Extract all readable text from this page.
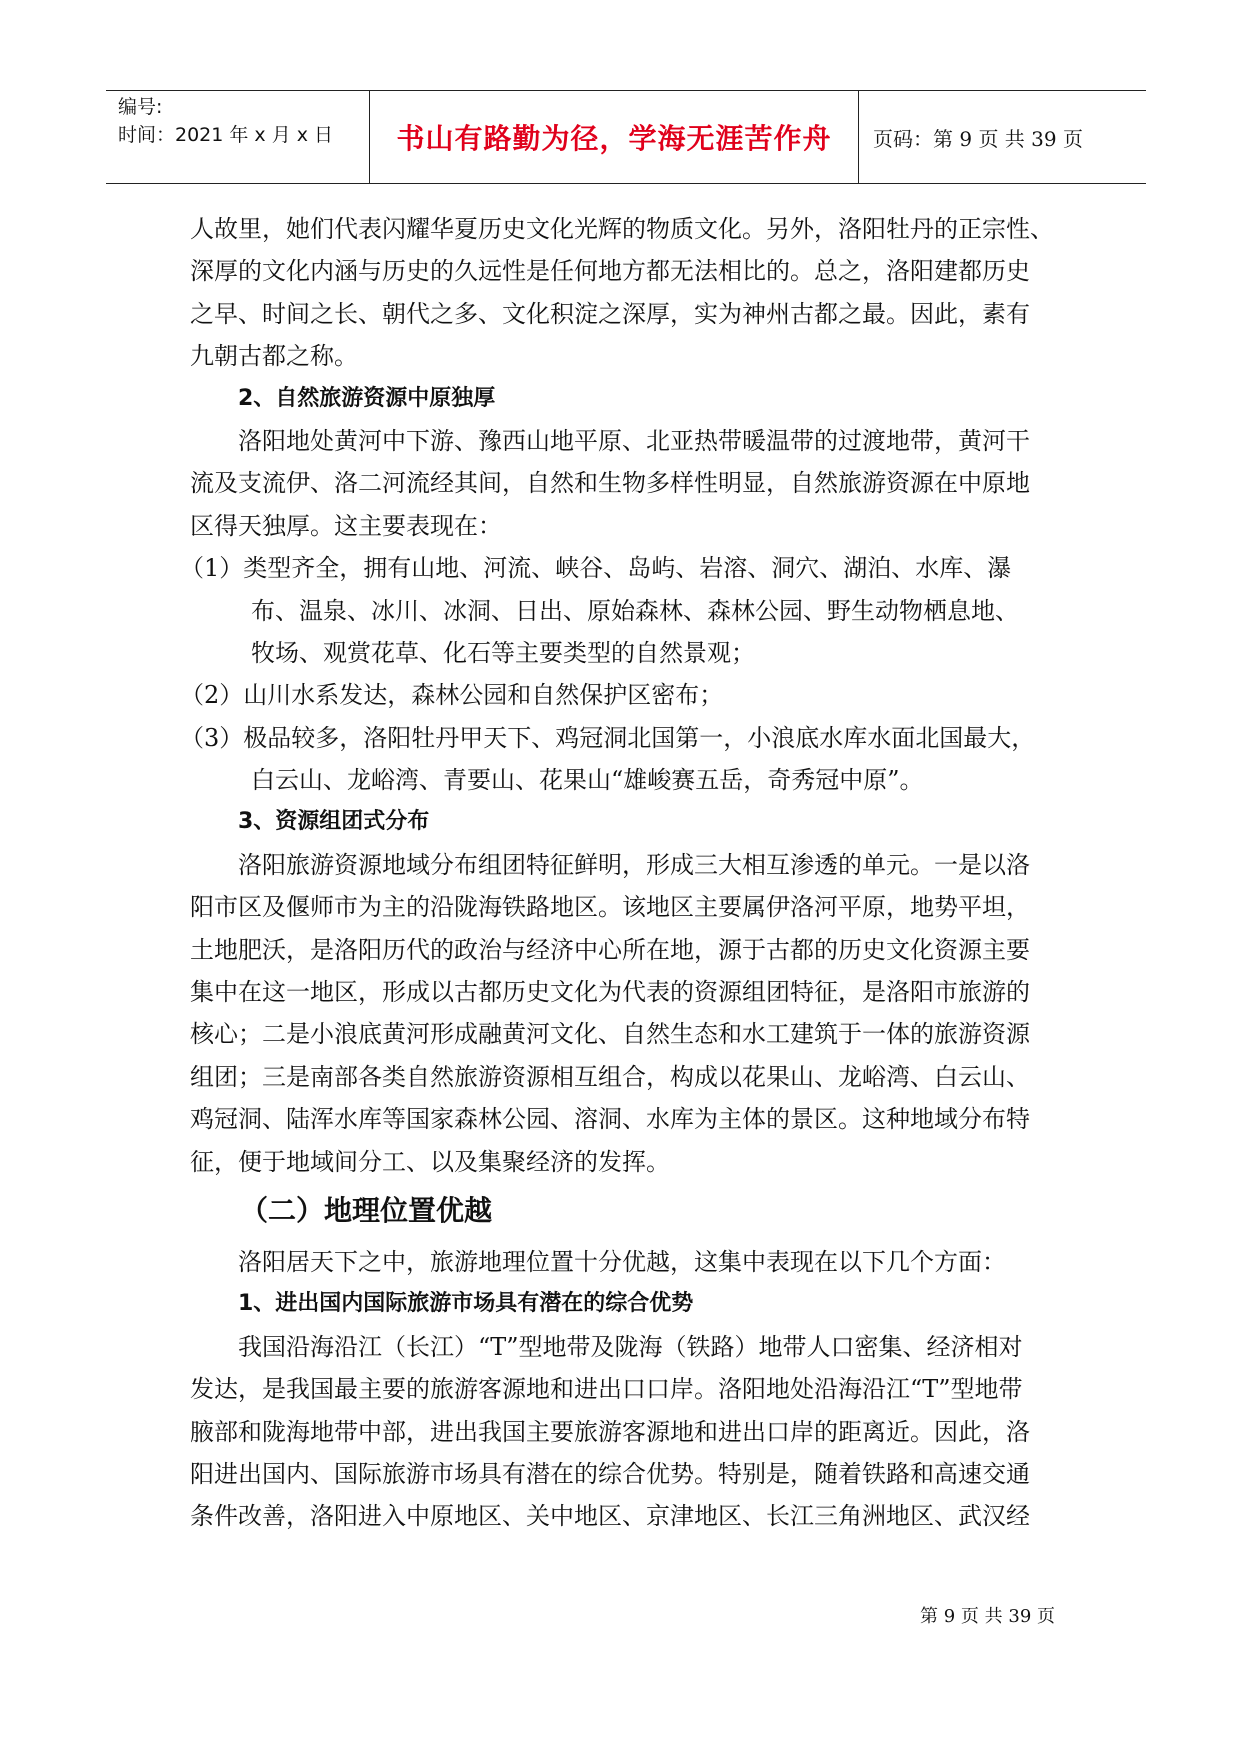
编号:
时间：2021 年 x 月 x 日	书山有路勤为径，学海无涯苦作舟	页码：第 9 页 共 39 页
人故里，她们代表闪耀华夏历史文化光辉的物质文化。另外，洛阳牡丹的正宗性、
深厚的文化内涵与历史的久远性是任何地方都无法相比的。总之，洛阳建都历史
之早、时间之长、朝代之多、文化积淀之深厚，实为神州古都之最。因此，素有
九朝古都之称。
2、自然旅游资源中原独厚
洛阳地处黄河中下游、豫西山地平原、北亚热带暖温带的过渡地带，黄河干
流及支流伊、洛二河流经其间，自然和生物多样性明显，自然旅游资源在中原地
区得天独厚。这主要表现在：
（1）类型齐全，拥有山地、河流、峡谷、岛屿、岩溶、洞穴、湖泊、水库、瀑
布、温泉、冰川、冰洞、日出、原始森林、森林公园、野生动物栖息地、
牧场、观赏花草、化石等主要类型的自然景观；
（2）山川水系发达，森林公园和自然保护区密布；
（3）极品较多，洛阳牡丹甲天下、鸡冠洞北国第一，小浪底水库水面北国最大，
白云山、龙峪湾、青要山、花果山“雄峻赛五岳，奇秀冠中原”。
3、资源组团式分布
洛阳旅游资源地域分布组团特征鲜明，形成三大相互渗透的单元。一是以洛
阳市区及偃师市为主的沿陇海铁路地区。该地区主要属伊洛河平原，地势平坦，
土地肥沃，是洛阳历代的政治与经济中心所在地，源于古都的历史文化资源主要
集中在这一地区，形成以古都历史文化为代表的资源组团特征，是洛阳市旅游的
核心；二是小浪底黄河形成融黄河文化、自然生态和水工建筑于一体的旅游资源
组团；三是南部各类自然旅游资源相互组合，构成以花果山、龙峪湾、白云山、
鸡冠洞、陆浑水库等国家森林公园、溶洞、水库为主体的景区。这种地域分布特
征，便于地域间分工、以及集聚经济的发挥。
（二）地理位置优越
洛阳居天下之中，旅游地理位置十分优越，这集中表现在以下几个方面：
1、进出国内国际旅游市场具有潜在的综合优势
我国沿海沿江（长江）“T”型地带及陇海（铁路）地带人口密集、经济相对
发达，是我国最主要的旅游客源地和进出口口岸。洛阳地处沿海沿江“T”型地带
腋部和陇海地带中部，进出我国主要旅游客源地和进出口岸的距离近。因此，洛
阳进出国内、国际旅游市场具有潜在的综合优势。特别是，随着铁路和高速交通
条件改善，洛阳进入中原地区、关中地区、京津地区、长江三角洲地区、武汉经
第 9 页 共 39 页
